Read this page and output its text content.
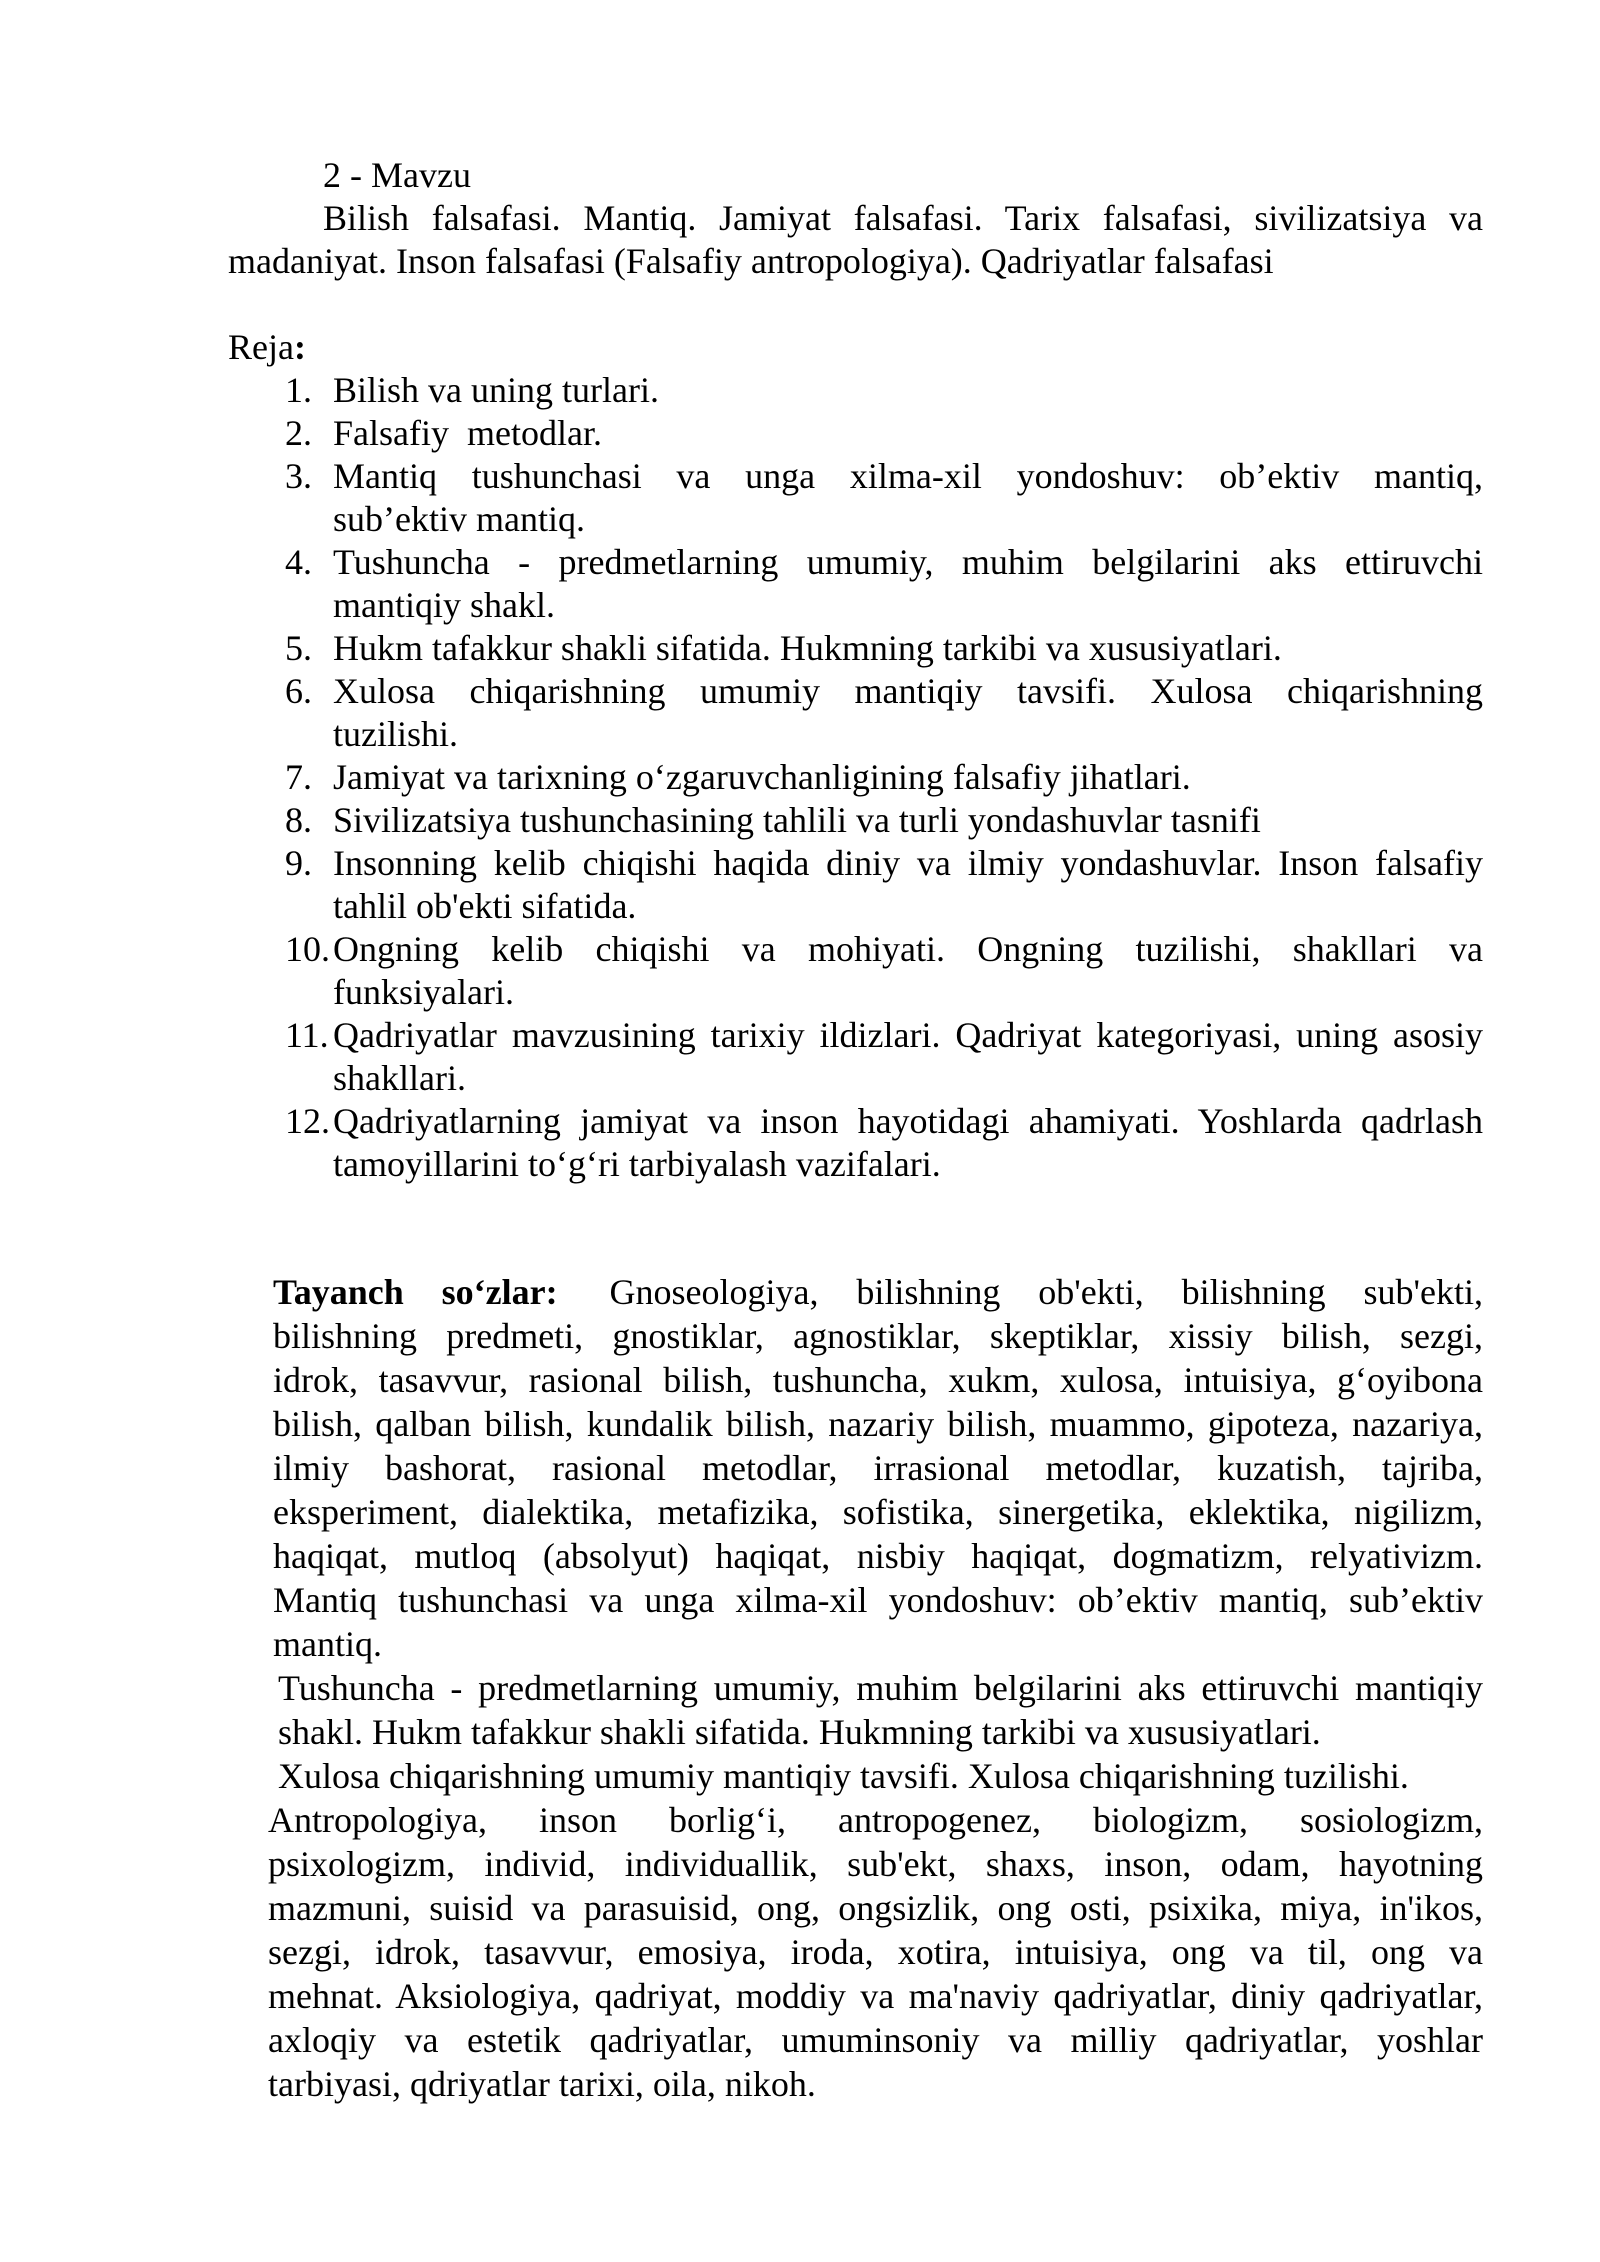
2 - Mavzu
Bilish falsafasi. Mantiq. Jamiyat falsafasi. Tarix falsafasi, sivilizatsiya va
madaniyat. Inson falsafasi (Falsafiy antropologiya). Qadriyatlar falsafasi

Reja:

1. Bilish va uning turlari.
2. Falsafiy  metodlar.
3. Mantiq tushunchasi va unga xilma-xil yondoshuv: ob’ektiv mantiq,
sub’ektiv mantiq.
4. Tushuncha - predmetlarning umumiy, muhim belgilarini aks ettiruvchi
mantiqiy shakl.
5. Hukm tafakkur shakli sifatida. Hukmning tarkibi va xususiyatlari.
6. Xulosa chiqarishning umumiy mantiqiy tavsifi. Xulosa chiqarishning
tuzilishi.
7. Jamiyat va tarixning o‘zgaruvchanligining falsafiy jihatlari.
8. Sivilizatsiya tushunchasining tahlili va turli yondashuvlar tasnifi
9. Insonning kelib chiqishi haqida diniy va ilmiy yondashuvlar. Inson falsafiy
tahlil ob'ekti sifatida.
10. Ongning kelib chiqishi va mohiyati. Ongning tuzilishi, shakllari va
funksiyalari.
11. Qadriyatlar mavzusining tarixiy ildizlari. Qadriyat kategoriyasi, uning asosiy
shakllari.
12. Qadriyatlarning jamiyat va inson hayotidagi ahamiyati. Yoshlarda qadrlash
tamoyillarini to‘g‘ri tarbiyalash vazifalari.
Tayanch so‘zlar: Gnoseologiya, bilishning ob'ekti, bilishning sub'ekti,
bilishning predmeti, gnostiklar, agnostiklar, skeptiklar, xissiy bilish, sezgi,
idrok, tasavvur, rasional bilish, tushuncha, xukm, xulosa, intuisiya, g‘oyibona
bilish, qalban bilish, kundalik bilish, nazariy bilish, muammo, gipoteza, nazariya,
ilmiy bashorat, rasional metodlar, irrasional metodlar, kuzatish, tajriba,
eksperiment, dialektika, metafizika, sofistika, sinergetika, eklektika, nigilizm,
haqiqat, mutloq (absolyut) haqiqat, nisbiy haqiqat, dogmatizm, relyativizm.
Mantiq tushunchasi va unga xilma-xil yondoshuv: ob’ektiv mantiq, sub’ektiv
mantiq.
Tushuncha - predmetlarning umumiy, muhim belgilarini aks ettiruvchi mantiqiy
shakl. Hukm tafakkur shakli sifatida. Hukmning tarkibi va xususiyatlari.
Xulosa chiqarishning umumiy mantiqiy tavsifi. Xulosa chiqarishning tuzilishi.
Antropologiya, inson borlig‘i, antropogenez, biologizm, sosiologizm,
psixologizm, individ, individuallik, sub'ekt, shaxs, inson, odam, hayotning
mazmuni, suisid va parasuisid, ong, ongsizlik, ong osti, psixika, miya, in'ikos,
sezgi, idrok, tasavvur, emosiya, iroda, xotira, intuisiya, ong va til, ong va
mehnat. Aksiologiya, qadriyat, moddiy va ma'naviy qadriyatlar, diniy qadriyatlar,
axloqiy va estetik qadriyatlar, umuminsoniy va milliy qadriyatlar, yoshlar
tarbiyasi, qdriyatlar tarixi, oila, nikoh.
